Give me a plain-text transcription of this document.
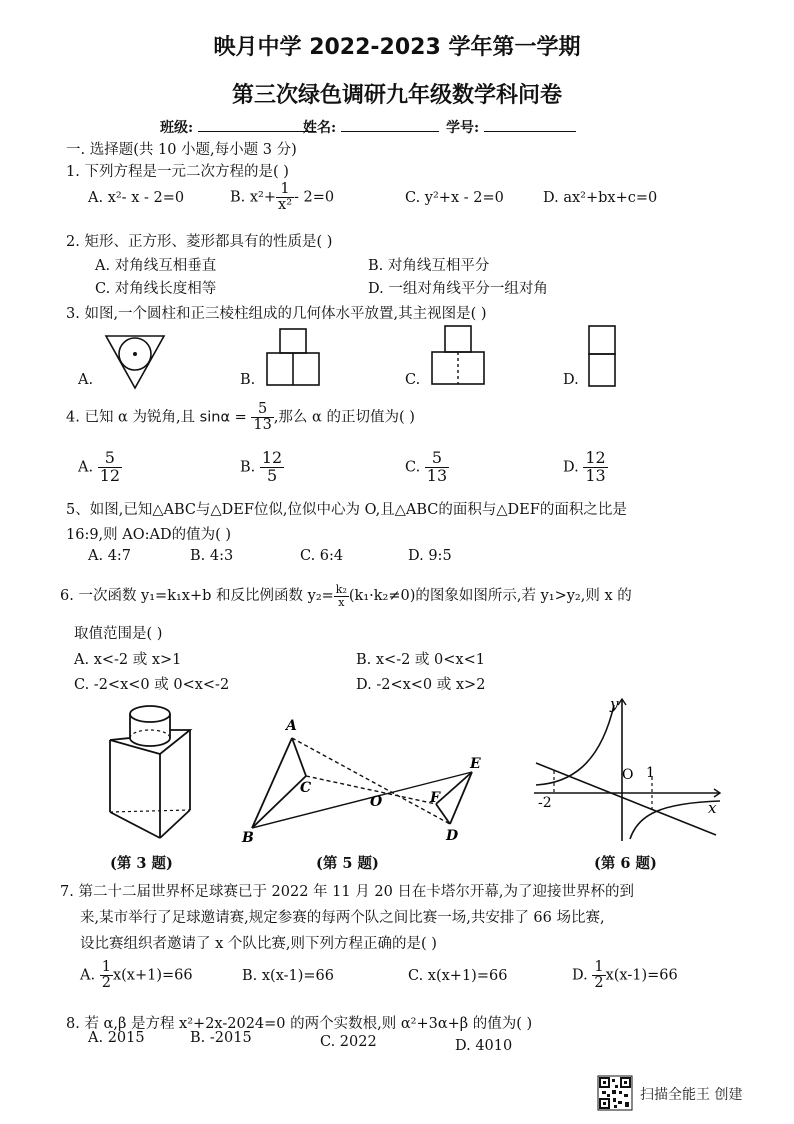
映月中学 2022-2023 学年第一学期
第三次绿色调研九年级数学科问卷
班级:	姓名:	学号:
一. 选择题(共 10 小题,每小题 3 分)
1. 下列方程是一元二次方程的是( )
A. x²- x - 2=0	B. $x^2+ \frac{1}{\text{x²}} - 2=0$	C. y²+x - 2=0	D. ax²+bx+c=0
2. 矩形、正方形、菱形都具有的性质是( )
A. 对角线互相垂直	B. 对角线互相平分
C. 对角线长度相等	D. 一组对角线平分一组对角
3. 如图,一个圆柱和正三棱柱组成的几何体水平放置,其主视图是( )
A.	B.	C.	D.
4. 已知 α 为锐角,且 $\sin\alpha = \frac{5}{13}$ ,那么 α 的正切值为( )
A. $\frac{5}{12}$	B. $\frac{12}{5}$	C. $\frac{5}{13}$	D. $\frac{12}{13}$
5、如图,已知△ABC与△DEF位似,位似中心为 O,且△ABC的面积与△DEF的面积之比是
16:9,则 AO:AD的值为( )
A. 4:7	B. 4:3	C. 6:4	D. 9:5
6. 一次函数 y₁=k₁x+b 和反比例函数 $y_2= \frac{\text{k₂}}{x} (k_1\cdot k_2\ne 0)$的图象如图所示,若 y₁>y₂,则 x 的
取值范围是( )
A. x<-2 或 x>1	B. x<-2 或 0<x<1
C. -2<x<0 或 0<x<-2	D. -2<x<0 或 x>2
(第 3 题)
A
C
B
O	F
E
D
(第 5 题)
y
x
O 1
-2
(第 6 题)
7. 第二十二届世界杯足球赛已于 2022 年 11 月 20 日在卡塔尔开幕,为了迎接世界杯的到
来,某市举行了足球邀请赛,规定参赛的每两个队之间比赛一场,共安排了 66 场比赛,
设比赛组织者邀请了 x 个队比赛,则下列方程正确的是( )
A. $\frac{1}{2} x(x+1)=66$	B. x(x-1)=66	C. x(x+1)=66	D. $\frac{1}{2} x(x-1)=66$
8. 若 α,β 是方程 x²+2x-2024=0 的两个实数根,则 α²+3α+β 的值为( )
A. 2015	B. -2015	C. 2022	D. 4010
扫描全能王 创建
